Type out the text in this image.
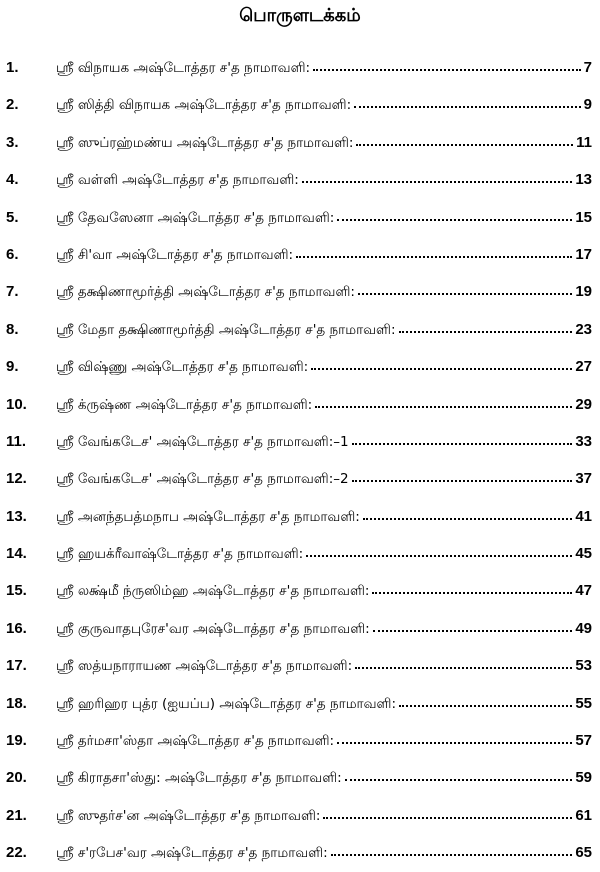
பொருளடக்கம்
1.	ஸ்ரீ விநாயக அஷ்டோத்தர ச'த நாமாவளி:	7
2.	ஸ்ரீ ஸித்தி விநாயக அஷ்டோத்தர ச'த நாமாவளி:	9
3.	ஸ்ரீ ஸுப்ரஹ்மண்ய அஷ்டோத்தர ச'த நாமாவளி:	11
4.	ஸ்ரீ வள்ளி அஷ்டோத்தர ச'த நாமாவளி:	13
5.	ஸ்ரீ தேவஸேனா அஷ்டோத்தர ச'த நாமாவளி:	15
6.	ஸ்ரீ சி'வா அஷ்டோத்தர ச'த நாமாவளி:	17
7.	ஸ்ரீ தக்ஷிணாமூர்த்தி அஷ்டோத்தர ச'த நாமாவளி:	19
8.	ஸ்ரீ மேதா தக்ஷிணாமூர்த்தி அஷ்டோத்தர ச'த நாமாவளி:	23
9.	ஸ்ரீ விஷ்ணு அஷ்டோத்தர ச'த நாமாவளி:	27
10. ஸ்ரீ க்ருஷ்ண அஷ்டோத்தர ச'த நாமாவளி:	29
11. ஸ்ரீ வேங்கடேச' அஷ்டோத்தர ச'த நாமாவளி:–1	33
12. ஸ்ரீ வேங்கடேச' அஷ்டோத்தர ச'த நாமாவளி:–2	37
13. ஸ்ரீ அனந்தபத்மநாப அஷ்டோத்தர ச'த நாமாவளி:	41
14. ஸ்ரீ ஹயக்ரீவாஷ்டோத்தர ச'த நாமாவளி:	45
15. ஸ்ரீ லக்ஷ்மீ ந்ருஸிம்ஹ அஷ்டோத்தர ச'த நாமாவளி:	47
16. ஸ்ரீ குருவாதபுரேச'வர அஷ்டோத்தர ச'த நாமாவளி:	49
17. ஸ்ரீ ஸத்யநாராயண அஷ்டோத்தர ச'த நாமாவளி:	53
18. ஸ்ரீ ஹரிஹர புத்ர (ஐயப்ப) அஷ்டோத்தர ச'த நாமாவளி:	55
19. ஸ்ரீ தர்மசா'ஸ்தா அஷ்டோத்தர ச'த நாமாவளி:	57
20. ஸ்ரீ கிராதசா'ஸ்து: அஷ்டோத்தர ச'த நாமாவளி:	59
21. ஸ்ரீ ஸுதர்ச'ன அஷ்டோத்தர ச'த நாமாவளி:	61
22. ஸ்ரீ ச'ரபேச'வர அஷ்டோத்தர ச'த நாமாவளி:	65
